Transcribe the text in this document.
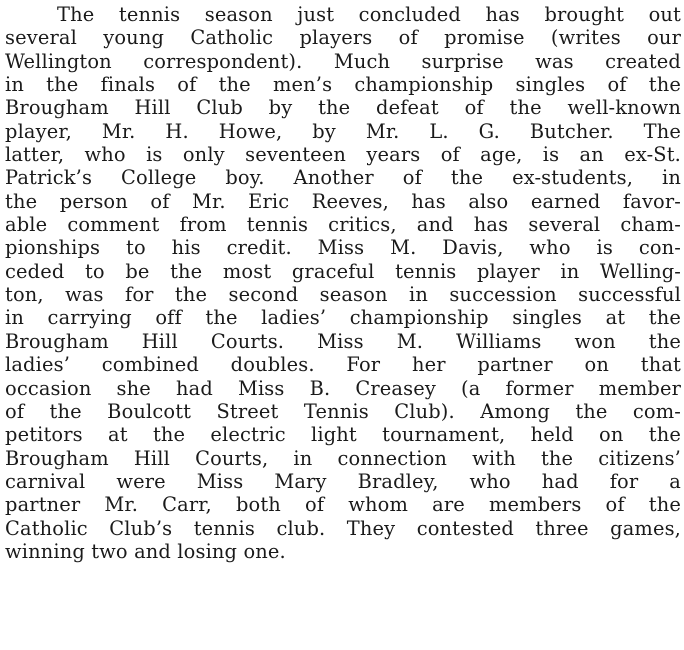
The tennis season just concluded has brought out
several young Catholic players of promise (writes our
Wellington correspondent). Much surprise was created
in the finals of the men’s championship singles of the
Brougham Hill Club by the defeat of the well-known
player, Mr. H. Howe, by Mr. L. G. Butcher. The
latter, who is only seventeen years of age, is an ex-St.
Patrick’s College boy. Another of the ex-students, in
the person of Mr. Eric Reeves, has also earned favor-
able comment from tennis critics, and has several cham-
pionships to his credit. Miss M. Davis, who is con-
ceded to be the most graceful tennis player in Welling-
ton, was for the second season in succession successful
in carrying off the ladies’ championship singles at the
Brougham Hill Courts. Miss M. Williams won the
ladies’ combined doubles. For her partner on that
occasion she had Miss B. Creasey (a former member
of the Boulcott Street Tennis Club). Among the com-
petitors at the electric light tournament, held on the
Brougham Hill Courts, in connection with the citizens’
carnival were Miss Mary Bradley, who had for a
partner Mr. Carr, both of whom are members of the
Catholic Club’s tennis club. They contested three games,
winning two and losing one.
